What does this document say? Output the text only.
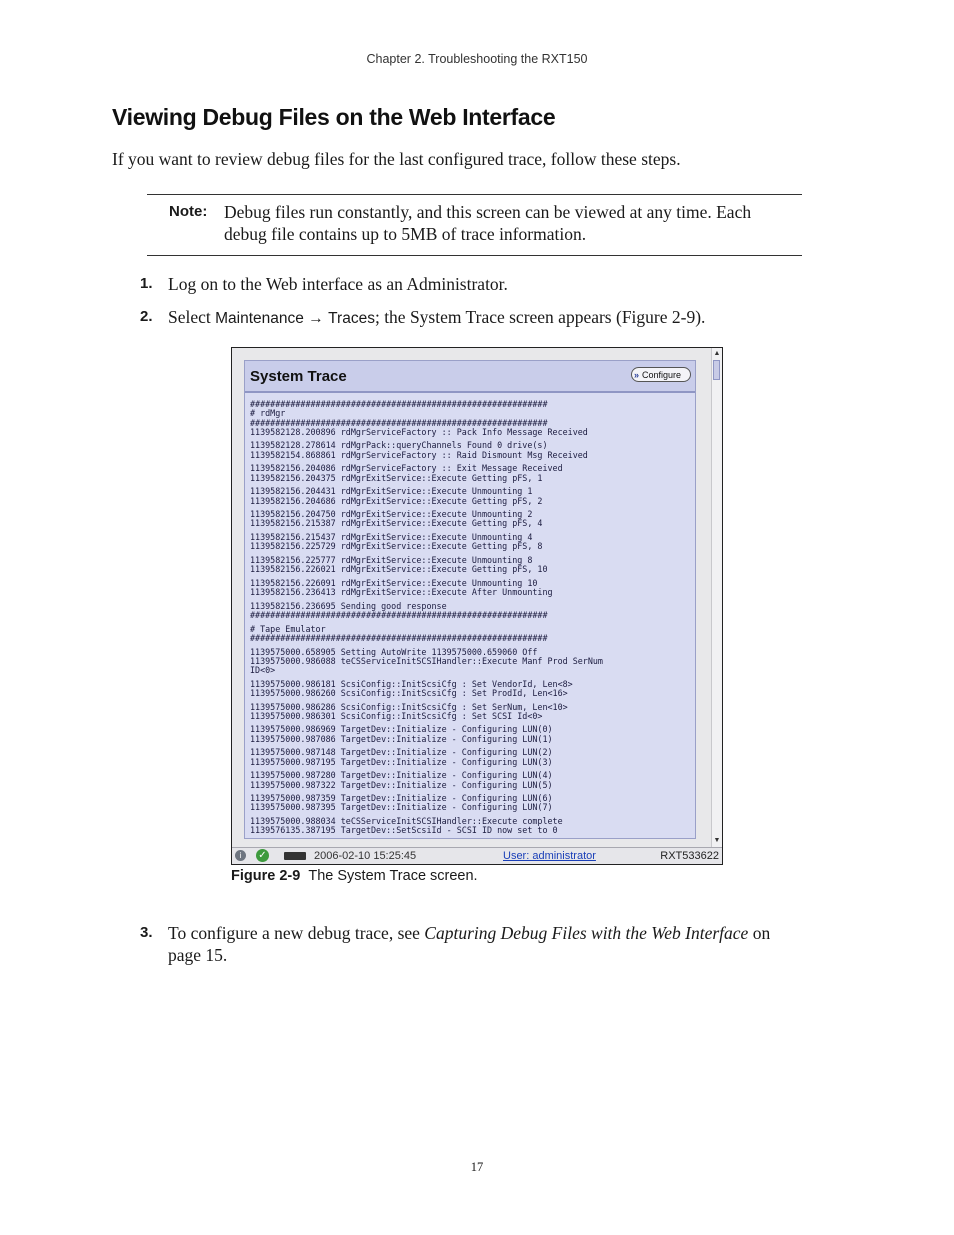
Chapter 2. Troubleshooting the RXT150
Viewing Debug Files on the Web Interface

If you want to review debug files for the last configured trace, follow these steps.

Note: Debug files run constantly, and this screen can be viewed at any time. Each debug file contains up to 5MB of trace information.

1. Log on to the Web interface as an Administrator.
2. Select Maintenance → Traces; the System Trace screen appears (Figure 2-9).
System Trace	» Configure
###########################################################
# rdMgr
###########################################################
1139582128.200896 rdMgrServiceFactory :: Pack Info Message Received
1139582128.278614 rdMgrPack::queryChannels Found 0 drive(s)
1139582154.868861 rdMgrServiceFactory :: Raid Dismount Msg Received
1139582156.204086 rdMgrServiceFactory :: Exit Message Received
1139582156.204375 rdMgrExitService::Execute Getting pFS, 1
1139582156.204431 rdMgrExitService::Execute Unmounting 1
1139582156.204686 rdMgrExitService::Execute Getting pFS, 2
1139582156.204750 rdMgrExitService::Execute Unmounting 2
1139582156.215387 rdMgrExitService::Execute Getting pFS, 4
1139582156.215437 rdMgrExitService::Execute Unmounting 4
1139582156.225729 rdMgrExitService::Execute Getting pFS, 8
1139582156.225777 rdMgrExitService::Execute Unmounting 8
1139582156.226021 rdMgrExitService::Execute Getting pFS, 10
1139582156.226091 rdMgrExitService::Execute Unmounting 10
1139582156.236413 rdMgrExitService::Execute After Unmounting
1139582156.236695 Sending good response
###########################################################
# Tape Emulator
###########################################################
1139575000.658905 Setting AutoWrite 1139575000.659060 Off
1139575000.986088 teCSServiceInitSCSIHandler::Execute Manf Prod SerNum
ID<0>
1139575000.986181 ScsiConfig::InitScsiCfg : Set VendorId, Len<8>
1139575000.986260 ScsiConfig::InitScsiCfg : Set ProdId, Len<16>
1139575000.986286 ScsiConfig::InitScsiCfg : Set SerNum, Len<10>
1139575000.986301 ScsiConfig::InitScsiCfg : Set SCSI Id<0>
1139575000.986969 TargetDev::Initialize - Configuring LUN(0)
1139575000.987086 TargetDev::Initialize - Configuring LUN(1)
1139575000.987148 TargetDev::Initialize - Configuring LUN(2)
1139575000.987195 TargetDev::Initialize - Configuring LUN(3)
1139575000.987280 TargetDev::Initialize - Configuring LUN(4)
1139575000.987322 TargetDev::Initialize - Configuring LUN(5)
1139575000.987359 TargetDev::Initialize - Configuring LUN(6)
1139575000.987395 TargetDev::Initialize - Configuring LUN(7)
1139575000.988034 teCSServiceInitSCSIHandler::Execute complete
1139576135.387195 TargetDev::SetScsiId - SCSI ID now set to 0
▲
▼
i	✓	2006-02-10 15:25:45	User: administrator	RXT533622
Figure 2-9 The System Trace screen.
3. To configure a new debug trace, see Capturing Debug Files with the Web Interface on page 15.
17
